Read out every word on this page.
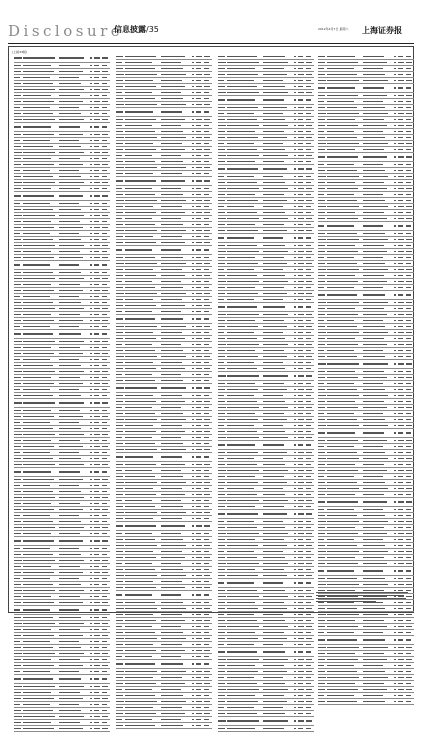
Disclosure
信息披露/35	2012年4月7日 星期六 上海证券报
(上接33版)
